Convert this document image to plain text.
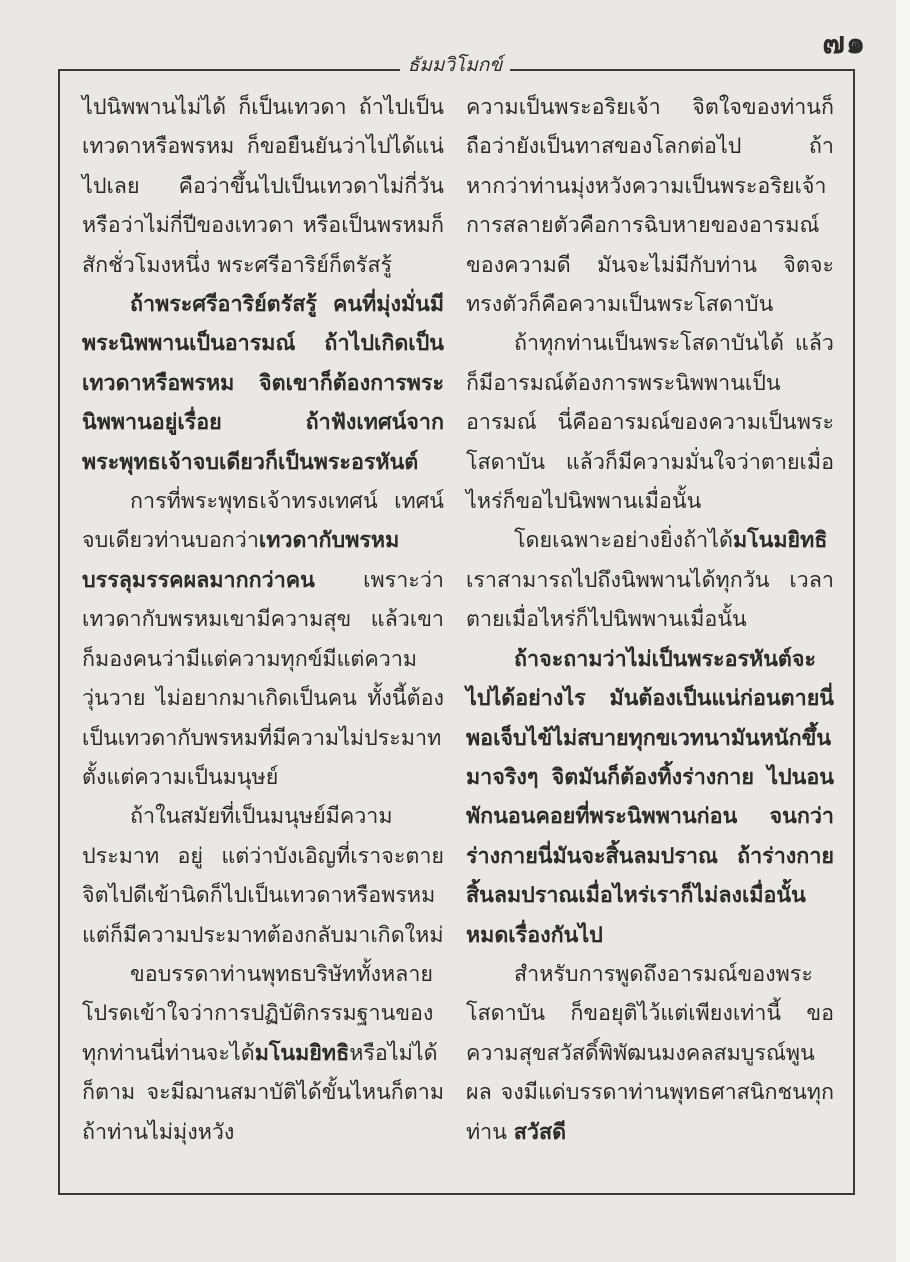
๗๑
ธัมมวิโมกข์

ไปนิพพานไม่ได้ ก็เป็นเทวดา ถ้าไปเป็นเทวดาหรือพรหม ก็ขอยืนยันว่าไปได้แน่ ไปเลย คือว่าขึ้นไปเป็นเทวดาไม่กี่วัน หรือว่าไม่กี่ปีของเทวดา หรือเป็นพรหมก็สักชั่วโมงหนึ่ง พระศรีอาริย์ก็ตรัสรู้

ถ้าพระศรีอาริย์ตรัสรู้ คนที่มุ่งมั่นมีพระนิพพานเป็นอารมณ์ ถ้าไปเกิดเป็นเทวดาหรือพรหม จิตเขาก็ต้องการพระนิพพานอยู่เรื่อย ถ้าฟังเทศน์จากพระพุทธเจ้าจบเดียวก็เป็นพระอรหันต์

การที่พระพุทธเจ้าทรงเทศน์ เทศน์จบเดียวท่านบอกว่าเทวดากับพรหมบรรลุมรรคผลมากกว่าคน เพราะว่าเทวดากับพรหมเขามีความสุข แล้วเขาก็มองคนว่ามีแต่ความทุกข์มีแต่ความวุ่นวาย ไม่อยากมาเกิดเป็นคน ทั้งนี้ต้องเป็นเทวดากับพรหมที่มีความไม่ประมาทตั้งแต่ความเป็นมนุษย์

ถ้าในสมัยที่เป็นมนุษย์มีความประมาท อยู่ แต่ว่าบังเอิญที่เราจะตายจิตไปดีเข้านิดก็ไปเป็นเทวดาหรือพรหม แต่ก็มีความประมาทต้องกลับมาเกิดใหม่

ขอบรรดาท่านพุทธบริษัททั้งหลายโปรดเข้าใจว่าการปฏิบัติกรรมฐานของทุกท่านนี่ท่านจะได้มโนมยิทธิหรือไม่ได้ก็ตาม จะมีฌานสมาบัติได้ขั้นไหนก็ตาม ถ้าท่านไม่มุ่งหวัง

ความเป็นพระอริยเจ้า จิตใจของท่านก็ถือว่ายังเป็นทาสของโลกต่อไป ถ้าหากว่าท่านมุ่งหวังความเป็นพระอริยเจ้า การสลายตัวคือการฉิบหายของอารมณ์ของความดี มันจะไม่มีกับท่าน จิตจะทรงตัวก็คือความเป็นพระโสดาบัน

ถ้าทุกท่านเป็นพระโสดาบันได้ แล้วก็มีอารมณ์ต้องการพระนิพพานเป็นอารมณ์ นี่คืออารมณ์ของความเป็นพระโสดาบัน แล้วก็มีความมั่นใจว่าตายเมื่อไหร่ก็ขอไปนิพพานเมื่อนั้น

โดยเฉพาะอย่างยิ่งถ้าได้มโนมยิทธิ เราสามารถไปถึงนิพพานได้ทุกวัน เวลาตายเมื่อไหร่ก็ไปนิพพานเมื่อนั้น

ถ้าจะถามว่าไม่เป็นพระอรหันต์จะไปได้อย่างไร มันต้องเป็นแน่ก่อนตายนี่ พอเจ็บไข้ไม่สบายทุกขเวทนามันหนักขึ้นมาจริงๆ จิตมันก็ต้องทิ้งร่างกาย ไปนอนพักนอนคอยที่พระนิพพานก่อน จนกว่าร่างกายนี่มันจะสิ้นลมปราณ ถ้าร่างกายสิ้นลมปราณเมื่อไหร่เราก็ไม่ลงเมื่อนั้น หมดเรื่องกันไป

สำหรับการพูดถึงอารมณ์ของพระโสดาบัน ก็ขอยุติไว้แต่เพียงเท่านี้ ขอความสุขสวัสดิ์พิพัฒนมงคลสมบูรณ์พูนผล จงมีแด่บรรดาท่านพุทธศาสนิกชนทุกท่าน สวัสดี
